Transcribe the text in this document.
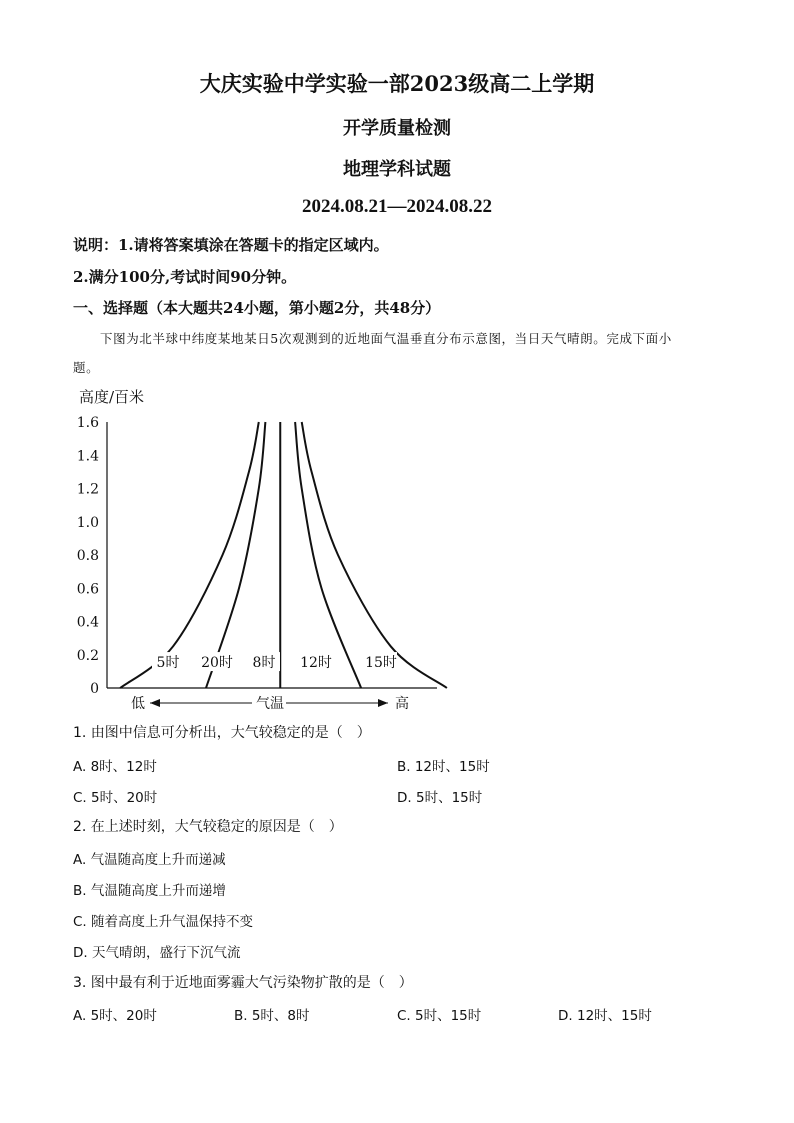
大庆实验中学实验一部2023级高二上学期
开学质量检测
地理学科试题
2024.08.21—2024.08.22
说明：1.请将答案填涂在答题卡的指定区域内。
2.满分100分,考试时间90分钟。
一、选择题（本大题共24小题，第小题2分，共48分）
下图为北半球中纬度某地某日5次观测到的近地面气温垂直分布示意图，当日天气晴朗。完成下面小
题。
高度/百米
0
0.2
0.4
0.6
0.8
1.0
1.2
1.4
1.6
5时 20时 8时 12时 15时
低	气温	高
1. 由图中信息可分析出，大气较稳定的是（　）
A. 8时、12时	B. 12时、15时
C. 5时、20时	D. 5时、15时
2. 在上述时刻，大气较稳定的原因是（　）
A. 气温随高度上升而递减
B. 气温随高度上升而递增
C. 随着高度上升气温保持不变
D. 天气晴朗，盛行下沉气流
3. 图中最有利于近地面雾霾大气污染物扩散的是（　）
A. 5时、20时	B. 5时、8时	C. 5时、15时	D. 12时、15时
